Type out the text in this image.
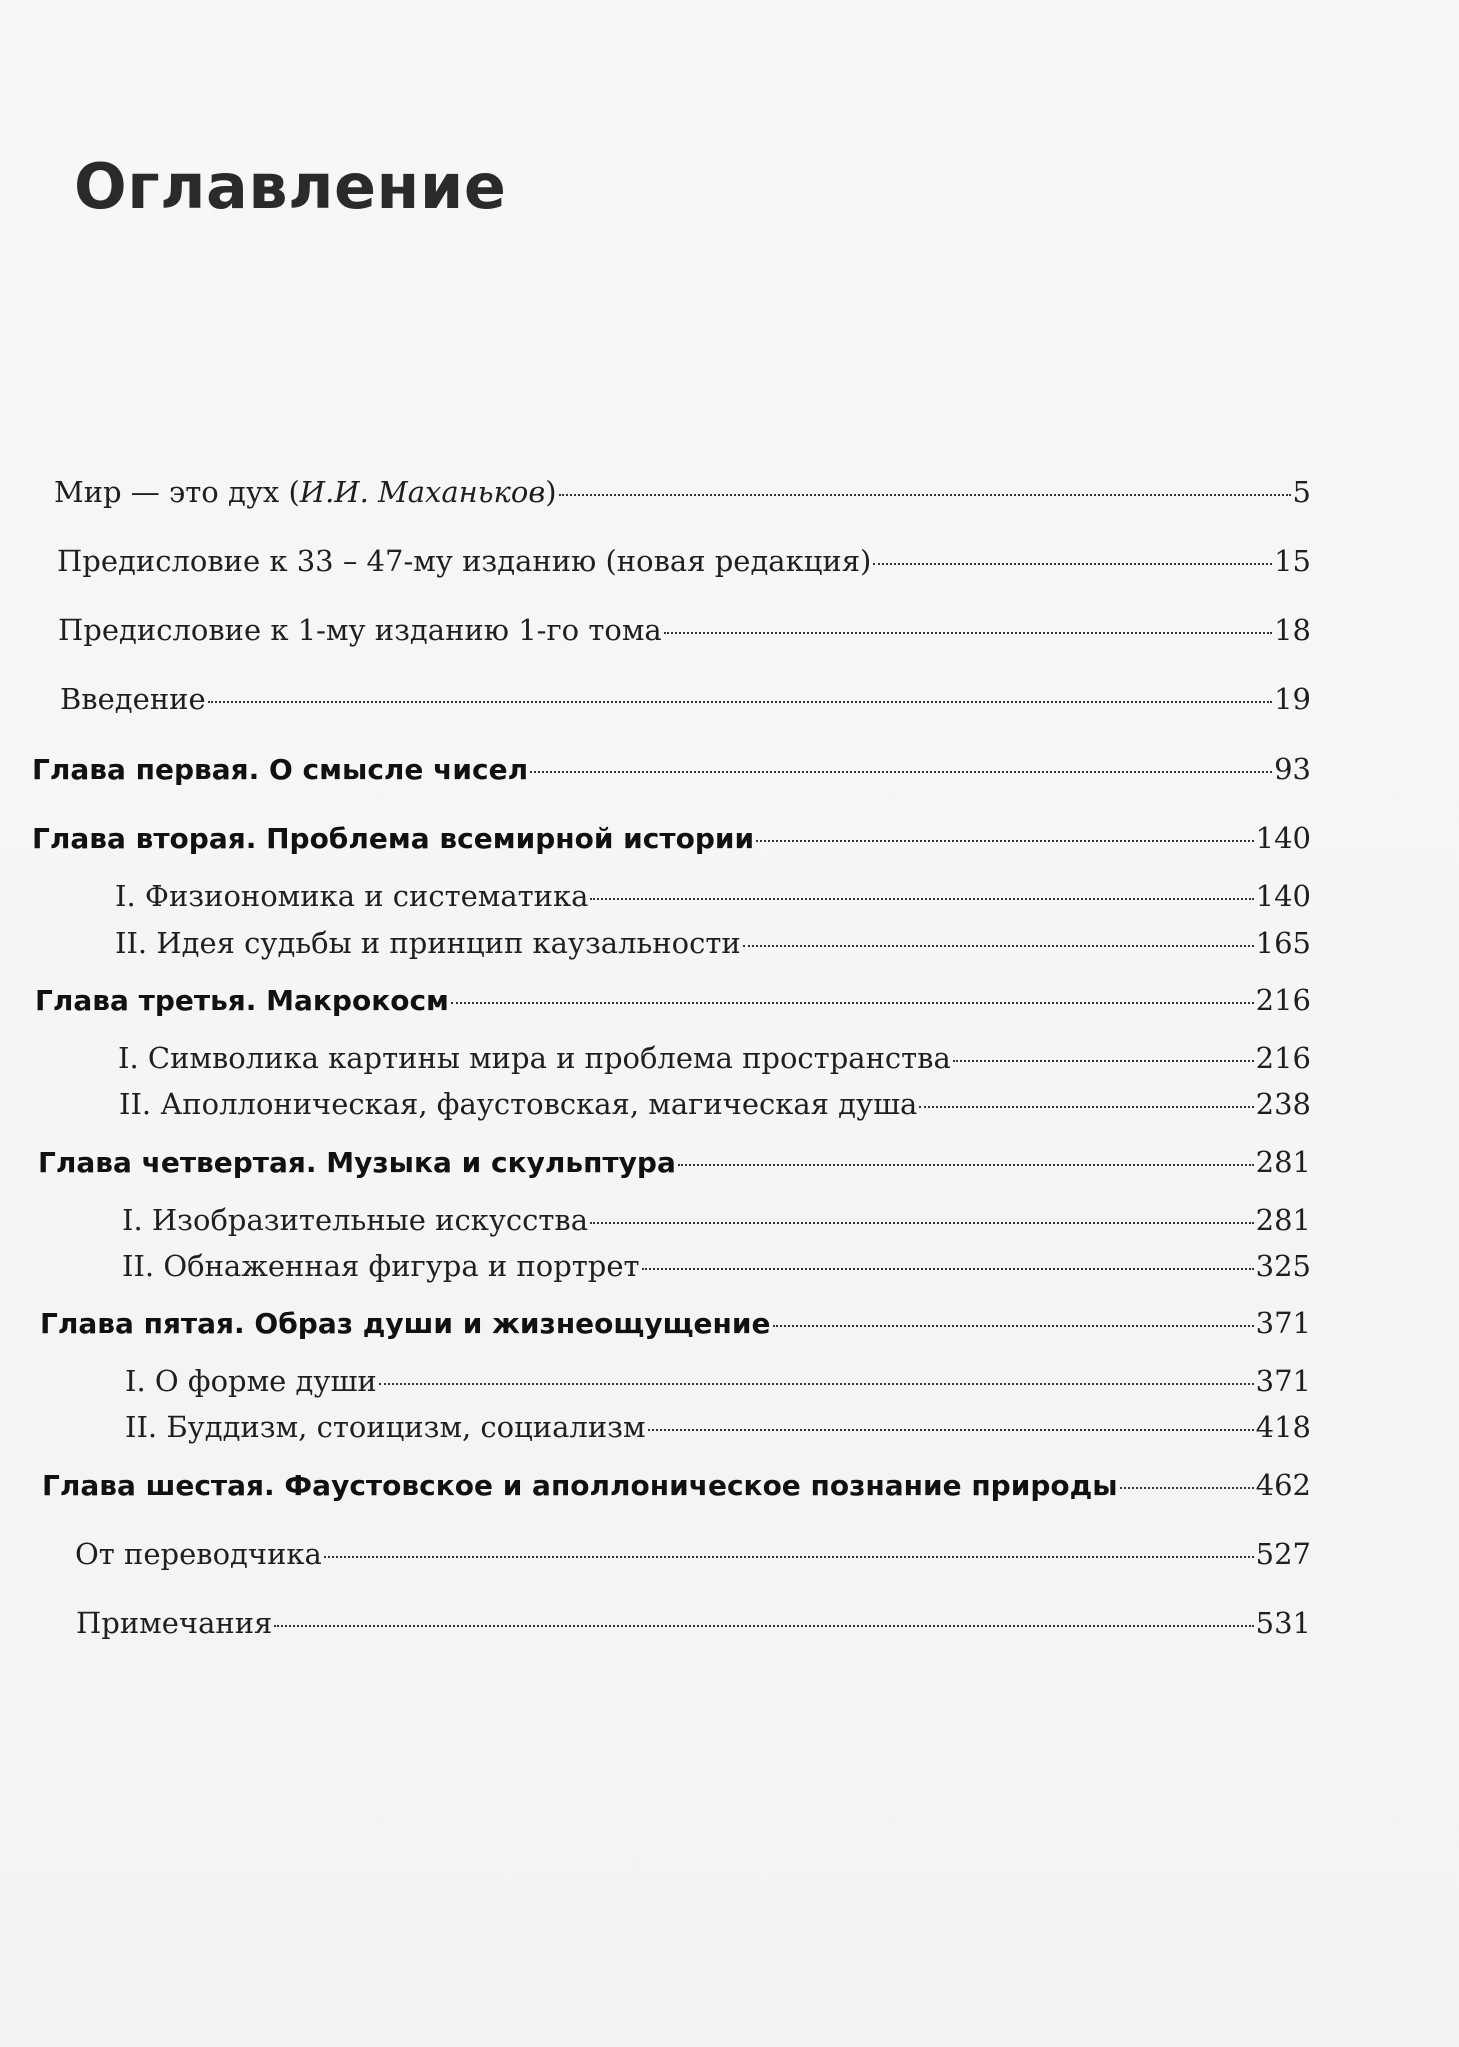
Оглавление
Мир — это дух (И.И. Маханьков)	5
Предисловие к 33 – 47-му изданию (новая редакция)	15
Предисловие к 1-му изданию 1-го тома	18
Введение	19
Глава первая. О смысле чисел	93
Глава вторая. Проблема всемирной истории	140
I. Физиономика и систематика	140
II. Идея судьбы и принцип каузальности	165
Глава третья. Макрокосм	216
I. Символика картины мира и проблема пространства	216
II. Аполлоническая, фаустовская, магическая душа	238
Глава четвертая. Музыка и скульптура	281
I. Изобразительные искусства	281
II. Обнаженная фигура и портрет	325
Глава пятая. Образ души и жизнеощущение	371
I. О форме души	371
II. Буддизм, стоицизм, социализм	418
Глава шестая. Фаустовское и аполлоническое познание природы	462
От переводчика	527
Примечания	531
